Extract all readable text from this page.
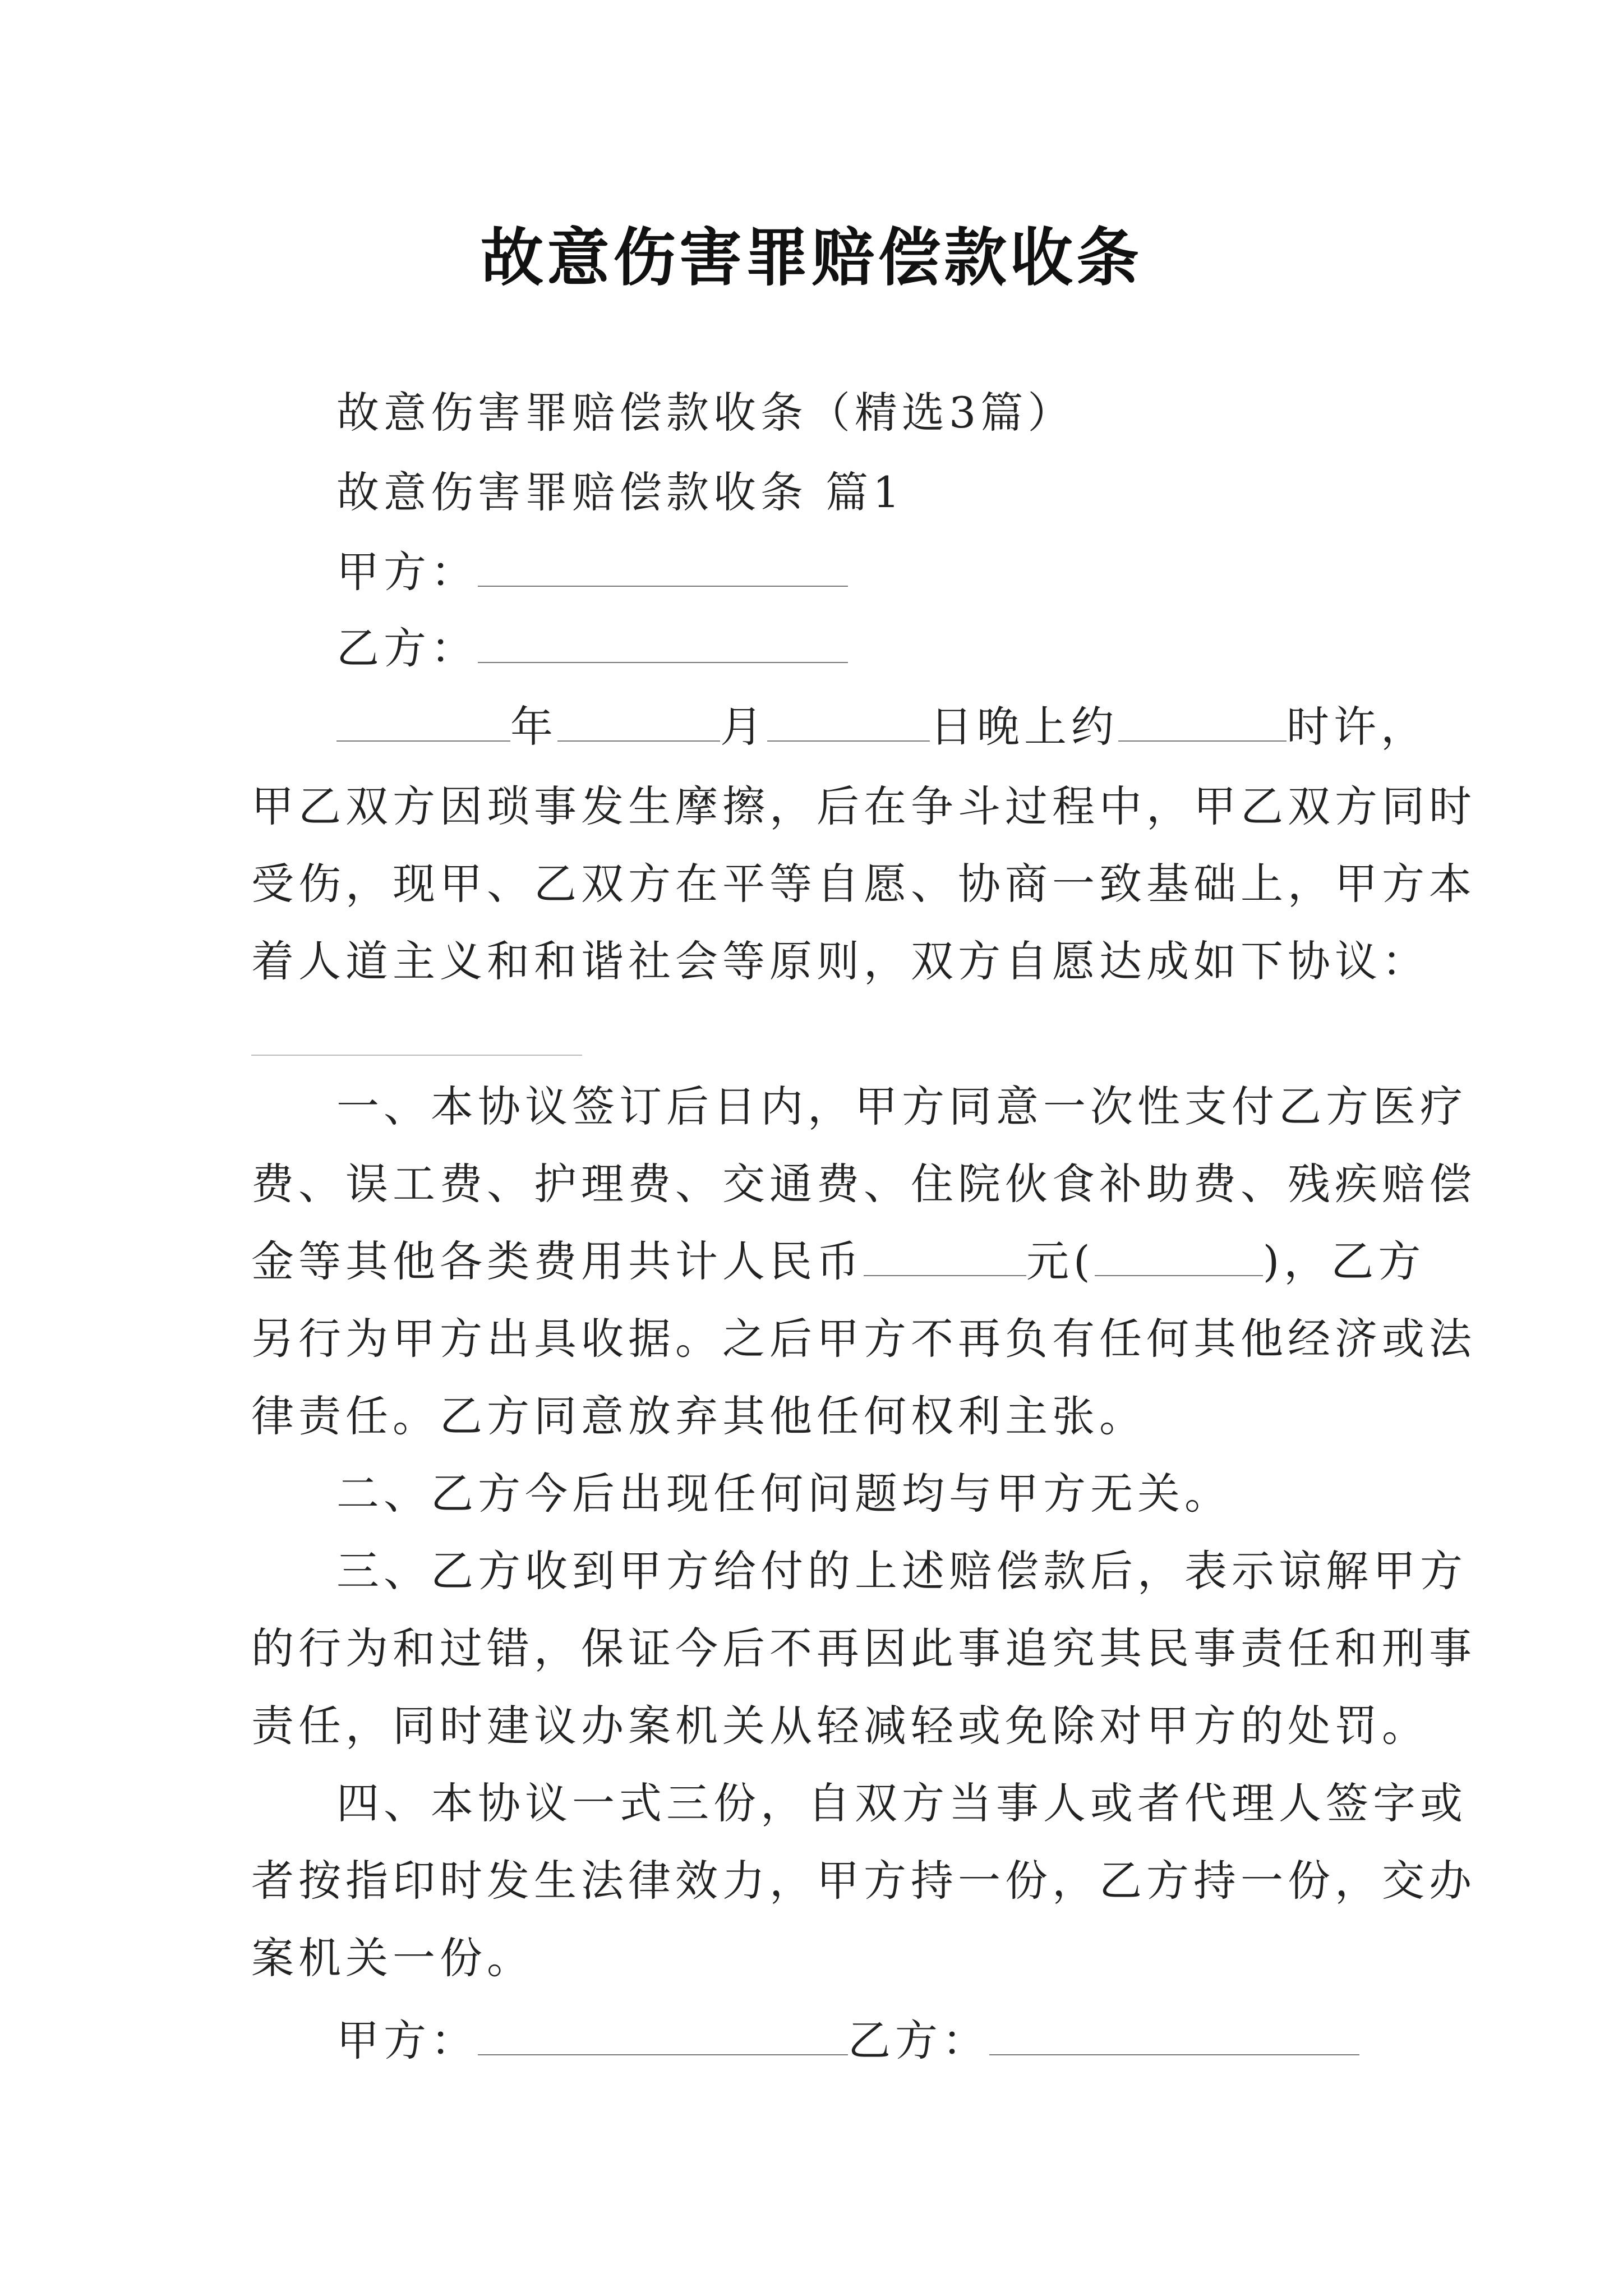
故意伤害罪赔偿款收条
故意伤害罪赔偿款收条（精选3篇）
故意伤害罪赔偿款收条 篇1
甲方：
乙方：
年	月	日晚上约	时许，
甲乙双方因琐事发生摩擦，后在争斗过程中，甲乙双方同时
受伤，现甲、乙双方在平等自愿、协商一致基础上，甲方本
着人道主义和和谐社会等原则，双方自愿达成如下协议：
一、本协议签订后日内，甲方同意一次性支付乙方医疗
费、误工费、护理费、交通费、住院伙食补助费、残疾赔偿
金等其他各类费用共计人民币	元(	)，乙方
另行为甲方出具收据。之后甲方不再负有任何其他经济或法
律责任。乙方同意放弃其他任何权利主张。
二、乙方今后出现任何问题均与甲方无关。
三、乙方收到甲方给付的上述赔偿款后，表示谅解甲方
的行为和过错，保证今后不再因此事追究其民事责任和刑事
责任，同时建议办案机关从轻减轻或免除对甲方的处罚。
四、本协议一式三份，自双方当事人或者代理人签字或
者按指印时发生法律效力，甲方持一份，乙方持一份，交办
案机关一份。
甲方：	乙方：
